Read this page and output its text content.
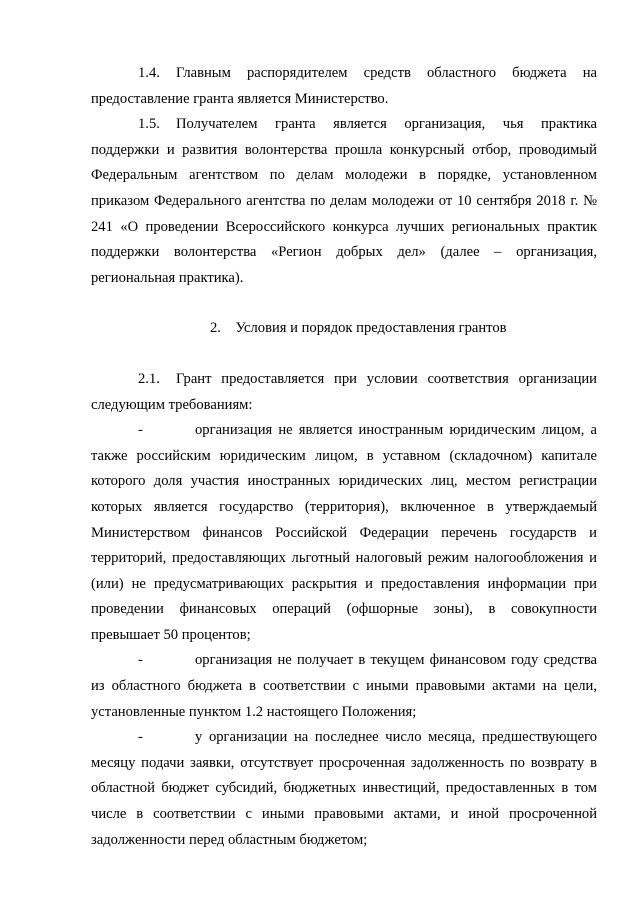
1.4. Главным распорядителем средств областного бюджета на предоставление гранта является Министерство.

1.5. Получателем гранта является организация, чья практика поддержки и развития волонтерства прошла конкурсный отбор, проводимый Федеральным агентством по делам молодежи в порядке, установленном приказом Федерального агентства по делам молодежи от 10 сентября 2018 г. № 241 «О проведении Всероссийского конкурса лучших региональных практик поддержки волонтерства «Регион добрых дел» (далее – организация, региональная практика).

2. Условия и порядок предоставления грантов

2.1. Грант предоставляется при условии соответствия организации следующим требованиям:

-	организация не является иностранным юридическим лицом, а также российским юридическим лицом, в уставном (складочном) капитале которого доля участия иностранных юридических лиц, местом регистрации которых является государство (территория), включенное в утверждаемый Министерством финансов Российской Федерации перечень государств и территорий, предоставляющих льготный налоговый режим налогообложения и (или) не предусматривающих раскрытия и предоставления информации при проведении финансовых операций (офшорные зоны), в совокупности превышает 50 процентов;

-	организация не получает в текущем финансовом году средства из областного бюджета в соответствии с иными правовыми актами на цели, установленные пунктом 1.2 настоящего Положения;

-	у организации на последнее число месяца, предшествующего месяцу подачи заявки, отсутствует просроченная задолженность по возврату в областной бюджет субсидий, бюджетных инвестиций, предоставленных в том числе в соответствии с иными правовыми актами, и иной просроченной задолженности перед областным бюджетом;
